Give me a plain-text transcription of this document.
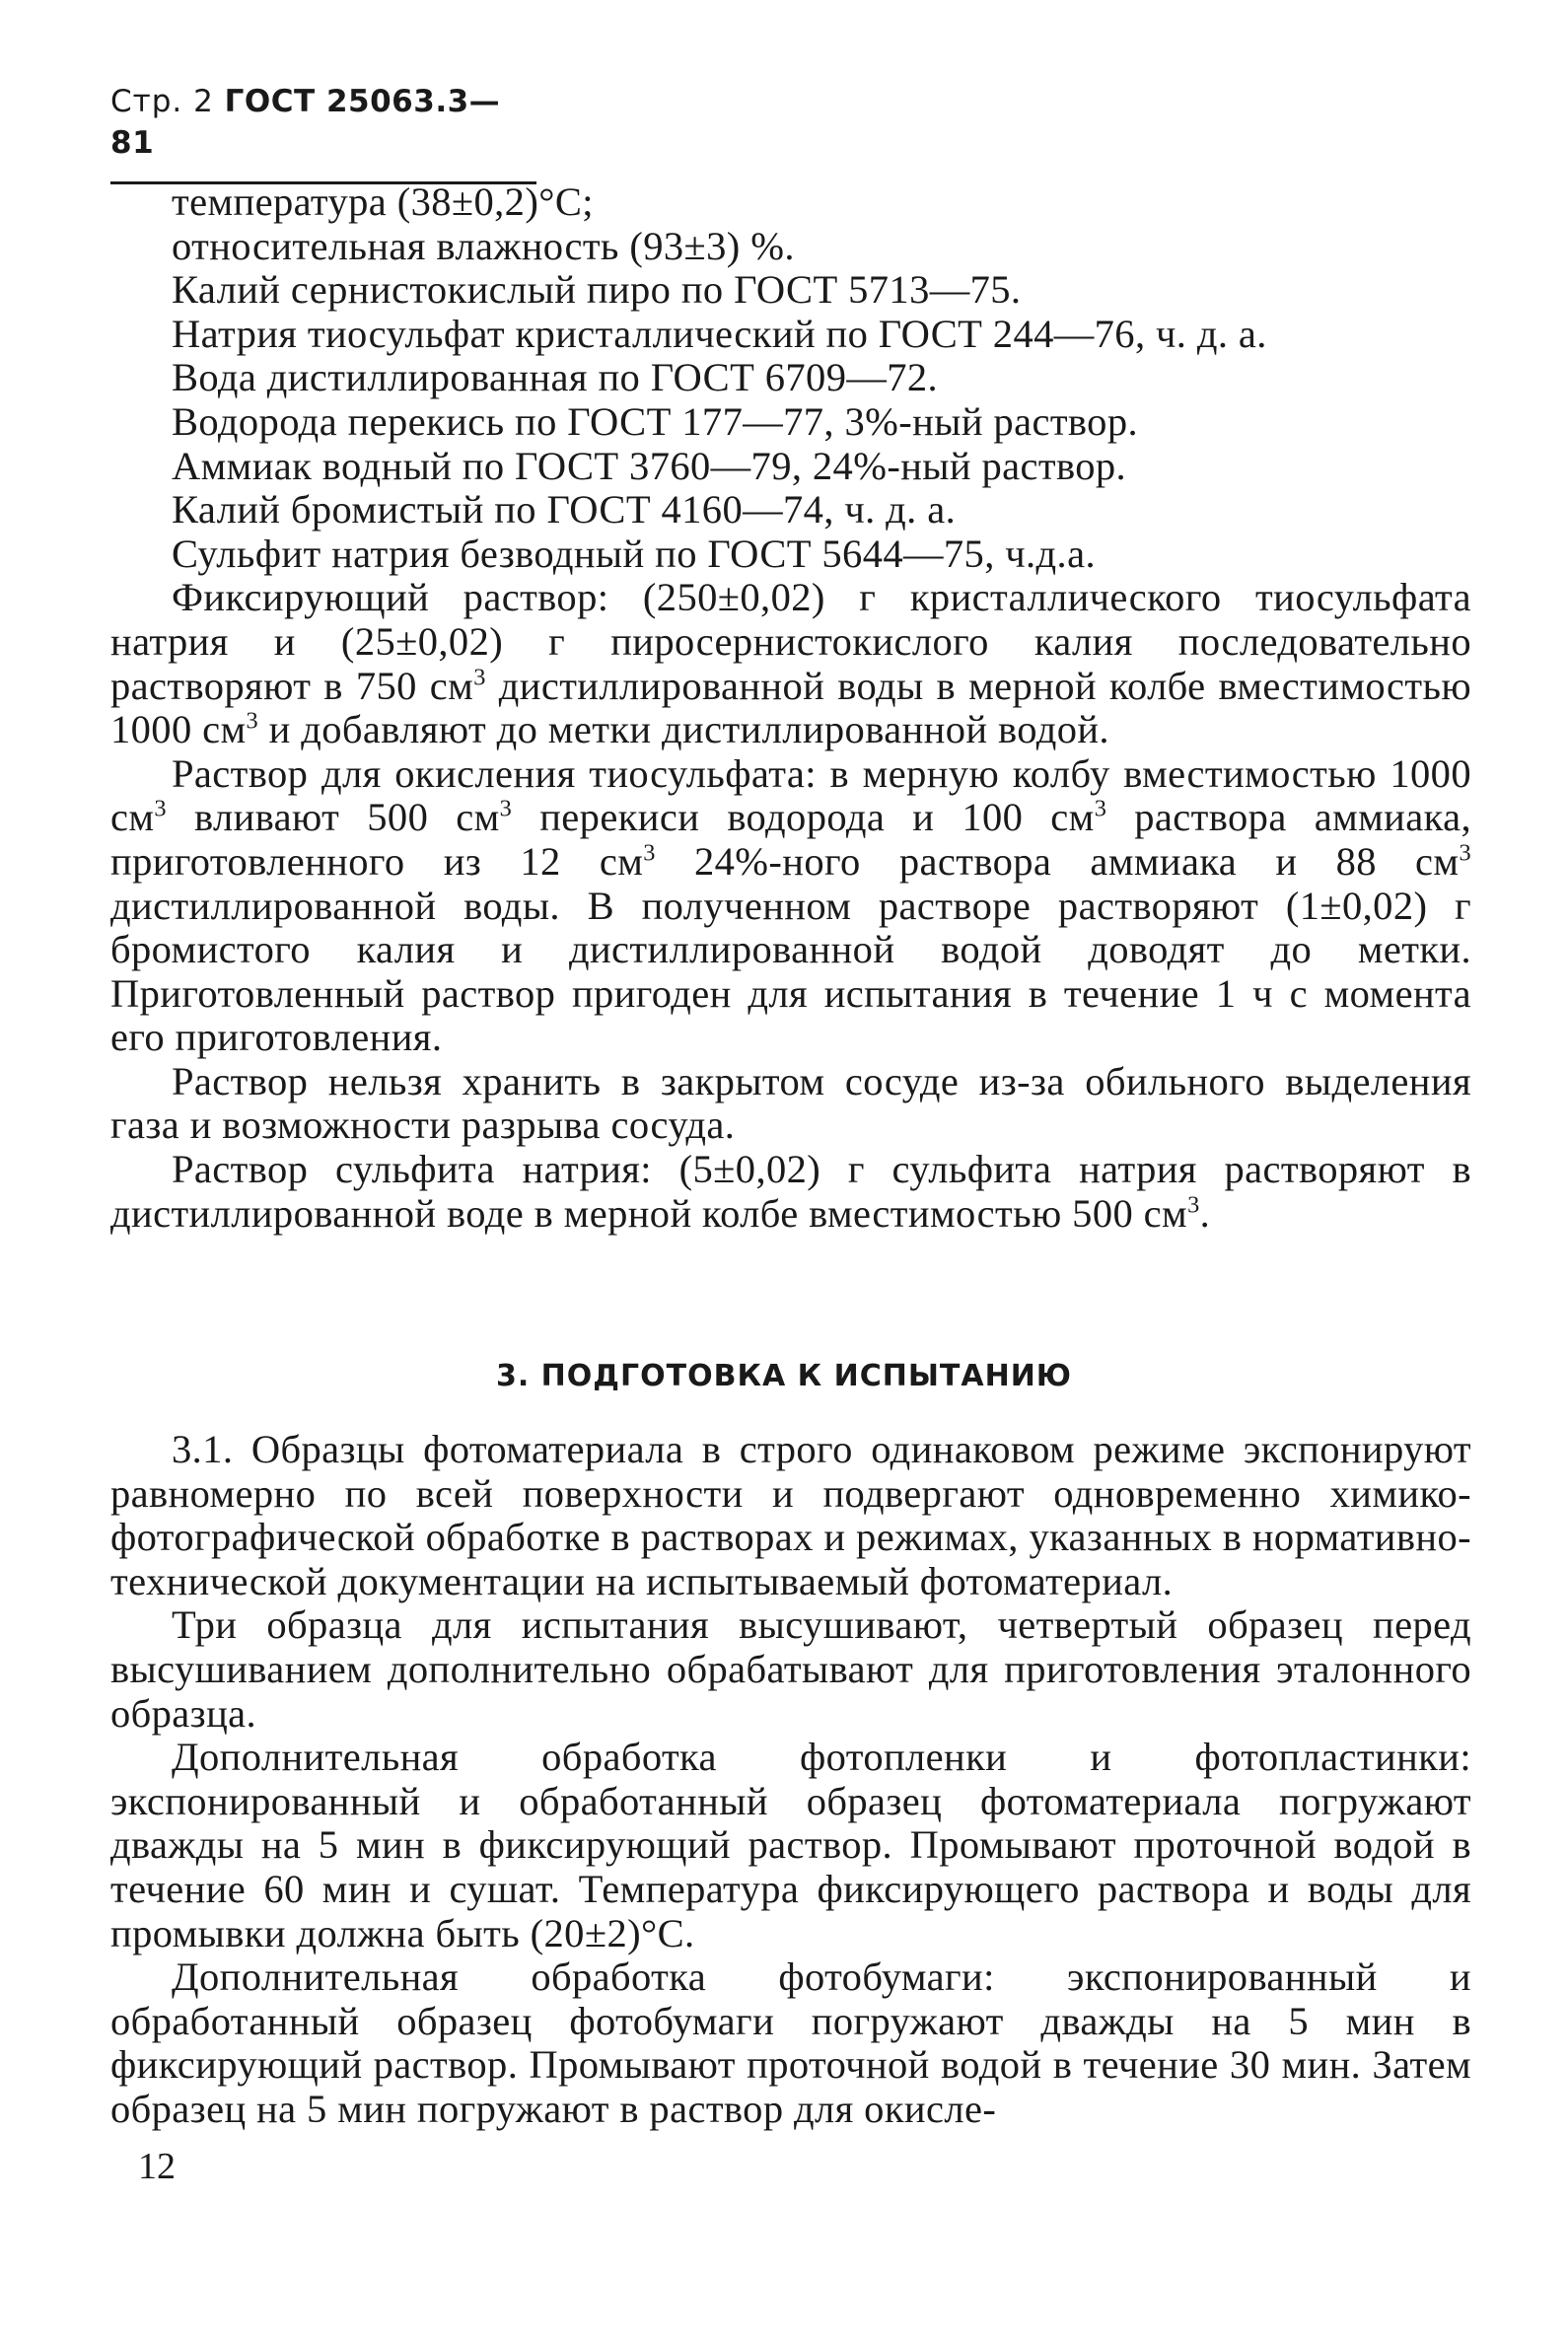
Стр. 2 ГОСТ 25063.3—81

температура (38±0,2)°С;

относительная влажность (93±3) %.

Калий сернистокислый пиро по ГОСТ 5713—75.

Натрия тиосульфат кристаллический по ГОСТ 244—76, ч. д. а.

Вода дистиллированная по ГОСТ 6709—72.

Водорода перекись по ГОСТ 177—77, 3%-ный раствор.

Аммиак водный по ГОСТ 3760—79, 24%-ный раствор.

Калий бромистый по ГОСТ 4160—74, ч. д. а.

Сульфит натрия безводный по ГОСТ 5644—75, ч.д.а.

Фиксирующий раствор: (250±0,02) г кристаллического тиосульфата натрия и (25±0,02) г пиросернистокислого калия последовательно растворяют в 750 $см^3$ дистиллированной воды в мерной колбе вместимостью 1000 $см^3$ и добавляют до метки дистиллированной водой.

Раствор для окисления тиосульфата: в мерную колбу вместимостью 1000 $см^3$ вливают 500 $см^3$ перекиси водорода и 100 $см^3$ раствора аммиака, приготовленного из 12 $см^3$ 24%-ного раствора аммиака и 88 $см^3$ дистиллированной воды. В полученном растворе растворяют (1±0,02) г бромистого калия и дистиллированной водой доводят до метки. Приготовленный раствор пригоден для испытания в течение 1 ч с момента его приготовления.

Раствор нельзя хранить в закрытом сосуде из-за обильного выделения газа и возможности разрыва сосуда.

Раствор сульфита натрия: (5±0,02) г сульфита натрия растворяют в дистиллированной воде в мерной колбе вместимостью 500 $см^3$.

3. ПОДГОТОВКА К ИСПЫТАНИЮ

3.1. Образцы фотоматериала в строго одинаковом режиме экспонируют равномерно по всей поверхности и подвергают одновременно химико-фотографической обработке в растворах и режимах, указанных в нормативно-технической документации на испытываемый фотоматериал.

Три образца для испытания высушивают, четвертый образец перед высушиванием дополнительно обрабатывают для приготовления эталонного образца.

Дополнительная обработка фотопленки и фотопластинки: экспонированный и обработанный образец фотоматериала погружают дважды на 5 мин в фиксирующий раствор. Промывают проточной водой в течение 60 мин и сушат. Температура фиксирующего раствора и воды для промывки должна быть (20±2)°С.

Дополнительная обработка фотобумаги: экспонированный и обработанный образец фотобумаги погружают дважды на 5 мин в фиксирующий раствор. Промывают проточной водой в течение 30 мин. Затем образец на 5 мин погружают в раствор для окисле-

12
